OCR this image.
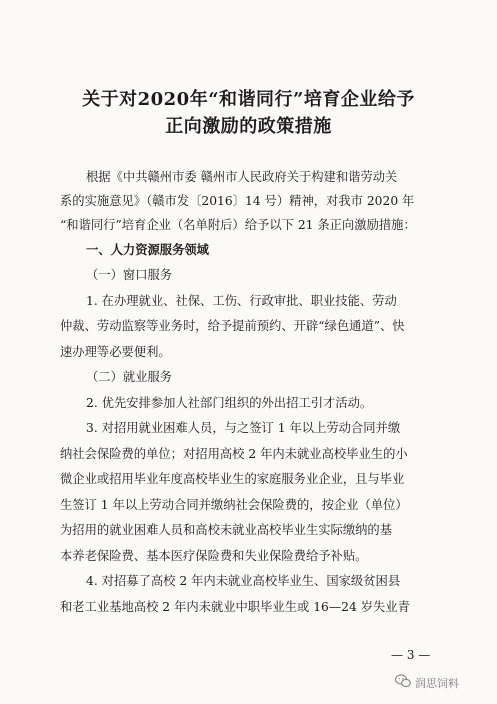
关于对2020年“和谐同行”培育企业给予
正向激励的政策措施
根据《中共赣州市委 赣州市人民政府关于构建和谐劳动关
系的实施意见》（赣市发〔2016〕14 号）精神，对我市 2020 年
“和谐同行”培育企业（名单附后）给予以下 21 条正向激励措施：
一、人力资源服务领域
（一）窗口服务
1. 在办理就业、社保、工伤、行政审批、职业技能、劳动
仲裁、劳动监察等业务时，给予提前预约、开辟“绿色通道”、快
速办理等必要便利。
（二）就业服务
2. 优先安排参加人社部门组织的外出招工引才活动。
3. 对招用就业困难人员，与之签订 1 年以上劳动合同并缴
纳社会保险费的单位；对招用高校 2 年内未就业高校毕业生的小
微企业或招用毕业年度高校毕业生的家庭服务业企业，且与毕业
生签订 1 年以上劳动合同并缴纳社会保险费的，按企业（单位）
为招用的就业困难人员和高校未就业高校毕业生实际缴纳的基
本养老保险费、基本医疗保险费和失业保险费给予补贴。
4. 对招募了高校 2 年内未就业高校毕业生、国家级贫困县
和老工业基地高校 2 年内未就业中职毕业生或 16—24 岁失业青
— 3 —
润思饲料
